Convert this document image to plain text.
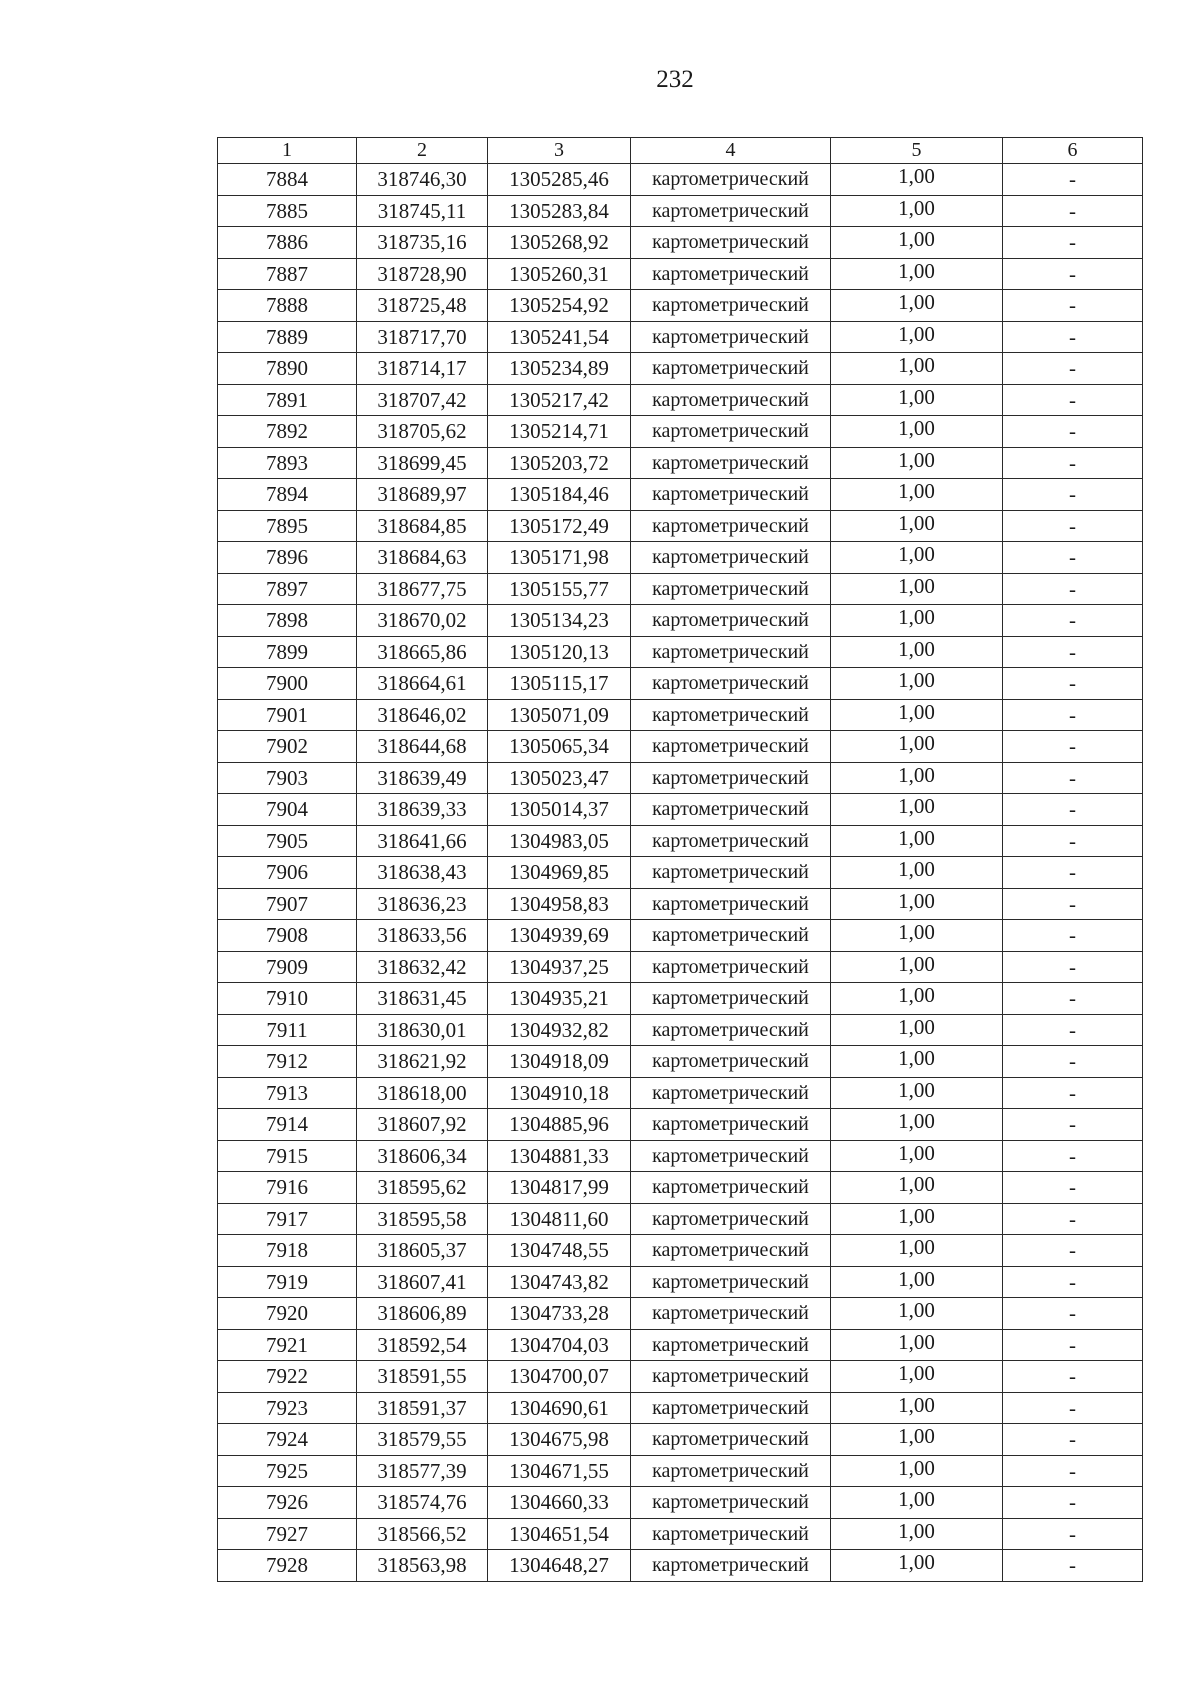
232
1	2	3	4	5	6
7884	318746,30	1305285,46	картометрический	1,00	-
7885	318745,11	1305283,84	картометрический	1,00	-
7886	318735,16	1305268,92	картометрический	1,00	-
7887	318728,90	1305260,31	картометрический	1,00	-
7888	318725,48	1305254,92	картометрический	1,00	-
7889	318717,70	1305241,54	картометрический	1,00	-
7890	318714,17	1305234,89	картометрический	1,00	-
7891	318707,42	1305217,42	картометрический	1,00	-
7892	318705,62	1305214,71	картометрический	1,00	-
7893	318699,45	1305203,72	картометрический	1,00	-
7894	318689,97	1305184,46	картометрический	1,00	-
7895	318684,85	1305172,49	картометрический	1,00	-
7896	318684,63	1305171,98	картометрический	1,00	-
7897	318677,75	1305155,77	картометрический	1,00	-
7898	318670,02	1305134,23	картометрический	1,00	-
7899	318665,86	1305120,13	картометрический	1,00	-
7900	318664,61	1305115,17	картометрический	1,00	-
7901	318646,02	1305071,09	картометрический	1,00	-
7902	318644,68	1305065,34	картометрический	1,00	-
7903	318639,49	1305023,47	картометрический	1,00	-
7904	318639,33	1305014,37	картометрический	1,00	-
7905	318641,66	1304983,05	картометрический	1,00	-
7906	318638,43	1304969,85	картометрический	1,00	-
7907	318636,23	1304958,83	картометрический	1,00	-
7908	318633,56	1304939,69	картометрический	1,00	-
7909	318632,42	1304937,25	картометрический	1,00	-
7910	318631,45	1304935,21	картометрический	1,00	-
7911	318630,01	1304932,82	картометрический	1,00	-
7912	318621,92	1304918,09	картометрический	1,00	-
7913	318618,00	1304910,18	картометрический	1,00	-
7914	318607,92	1304885,96	картометрический	1,00	-
7915	318606,34	1304881,33	картометрический	1,00	-
7916	318595,62	1304817,99	картометрический	1,00	-
7917	318595,58	1304811,60	картометрический	1,00	-
7918	318605,37	1304748,55	картометрический	1,00	-
7919	318607,41	1304743,82	картометрический	1,00	-
7920	318606,89	1304733,28	картометрический	1,00	-
7921	318592,54	1304704,03	картометрический	1,00	-
7922	318591,55	1304700,07	картометрический	1,00	-
7923	318591,37	1304690,61	картометрический	1,00	-
7924	318579,55	1304675,98	картометрический	1,00	-
7925	318577,39	1304671,55	картометрический	1,00	-
7926	318574,76	1304660,33	картометрический	1,00	-
7927	318566,52	1304651,54	картометрический	1,00	-
7928	318563,98	1304648,27	картометрический	1,00	-
